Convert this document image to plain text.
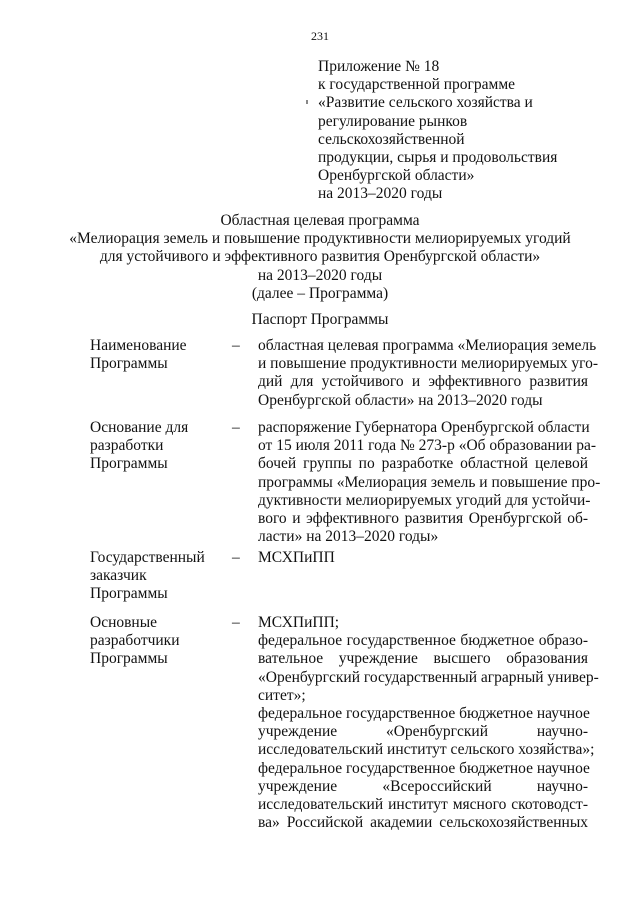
231
Приложение № 18
к государственной программе
«Развитие сельского хозяйства и
регулирование рынков
сельскохозяйственной
продукции, сырья и продовольствия
Оренбургской области»
на 2013–2020 годы
Областная целевая программа
«Мелиорация земель и повышение продуктивности мелиорируемых угодий
для устойчивого и эффективного развития Оренбургской области»
на 2013–2020 годы
(далее – Программа)
Паспорт Программы
Наименование
Программы
– областная целевая программа «Мелиорация земель
и повышение продуктивности мелиорируемых уго-
дий для устойчивого и эффективного развития
Оренбургской области» на 2013–2020 годы
Основание для
разработки
Программы
– распоряжение Губернатора Оренбургской области
от 15 июля 2011 года № 273-р «Об образовании ра-
бочей группы по разработке областной целевой
программы «Мелиорация земель и повышение про-
дуктивности мелиорируемых угодий для устойчи-
вого и эффективного развития Оренбургской об-
ласти» на 2013–2020 годы»
Государственный
заказчик
Программы
– МСХПиПП
Основные
разработчики
Программы
– МСХПиПП;
федеральное государственное бюджетное образо-
вательное учреждение высшего образования
«Оренбургский государственный аграрный универ-
ситет»;
федеральное государственное бюджетное научное
учреждение «Оренбургский научно-
исследовательский институт сельского хозяйства»;
федеральное государственное бюджетное научное
учреждение «Всероссийский научно-
исследовательский институт мясного скотоводст-
ва» Российской академии сельскохозяйственных
